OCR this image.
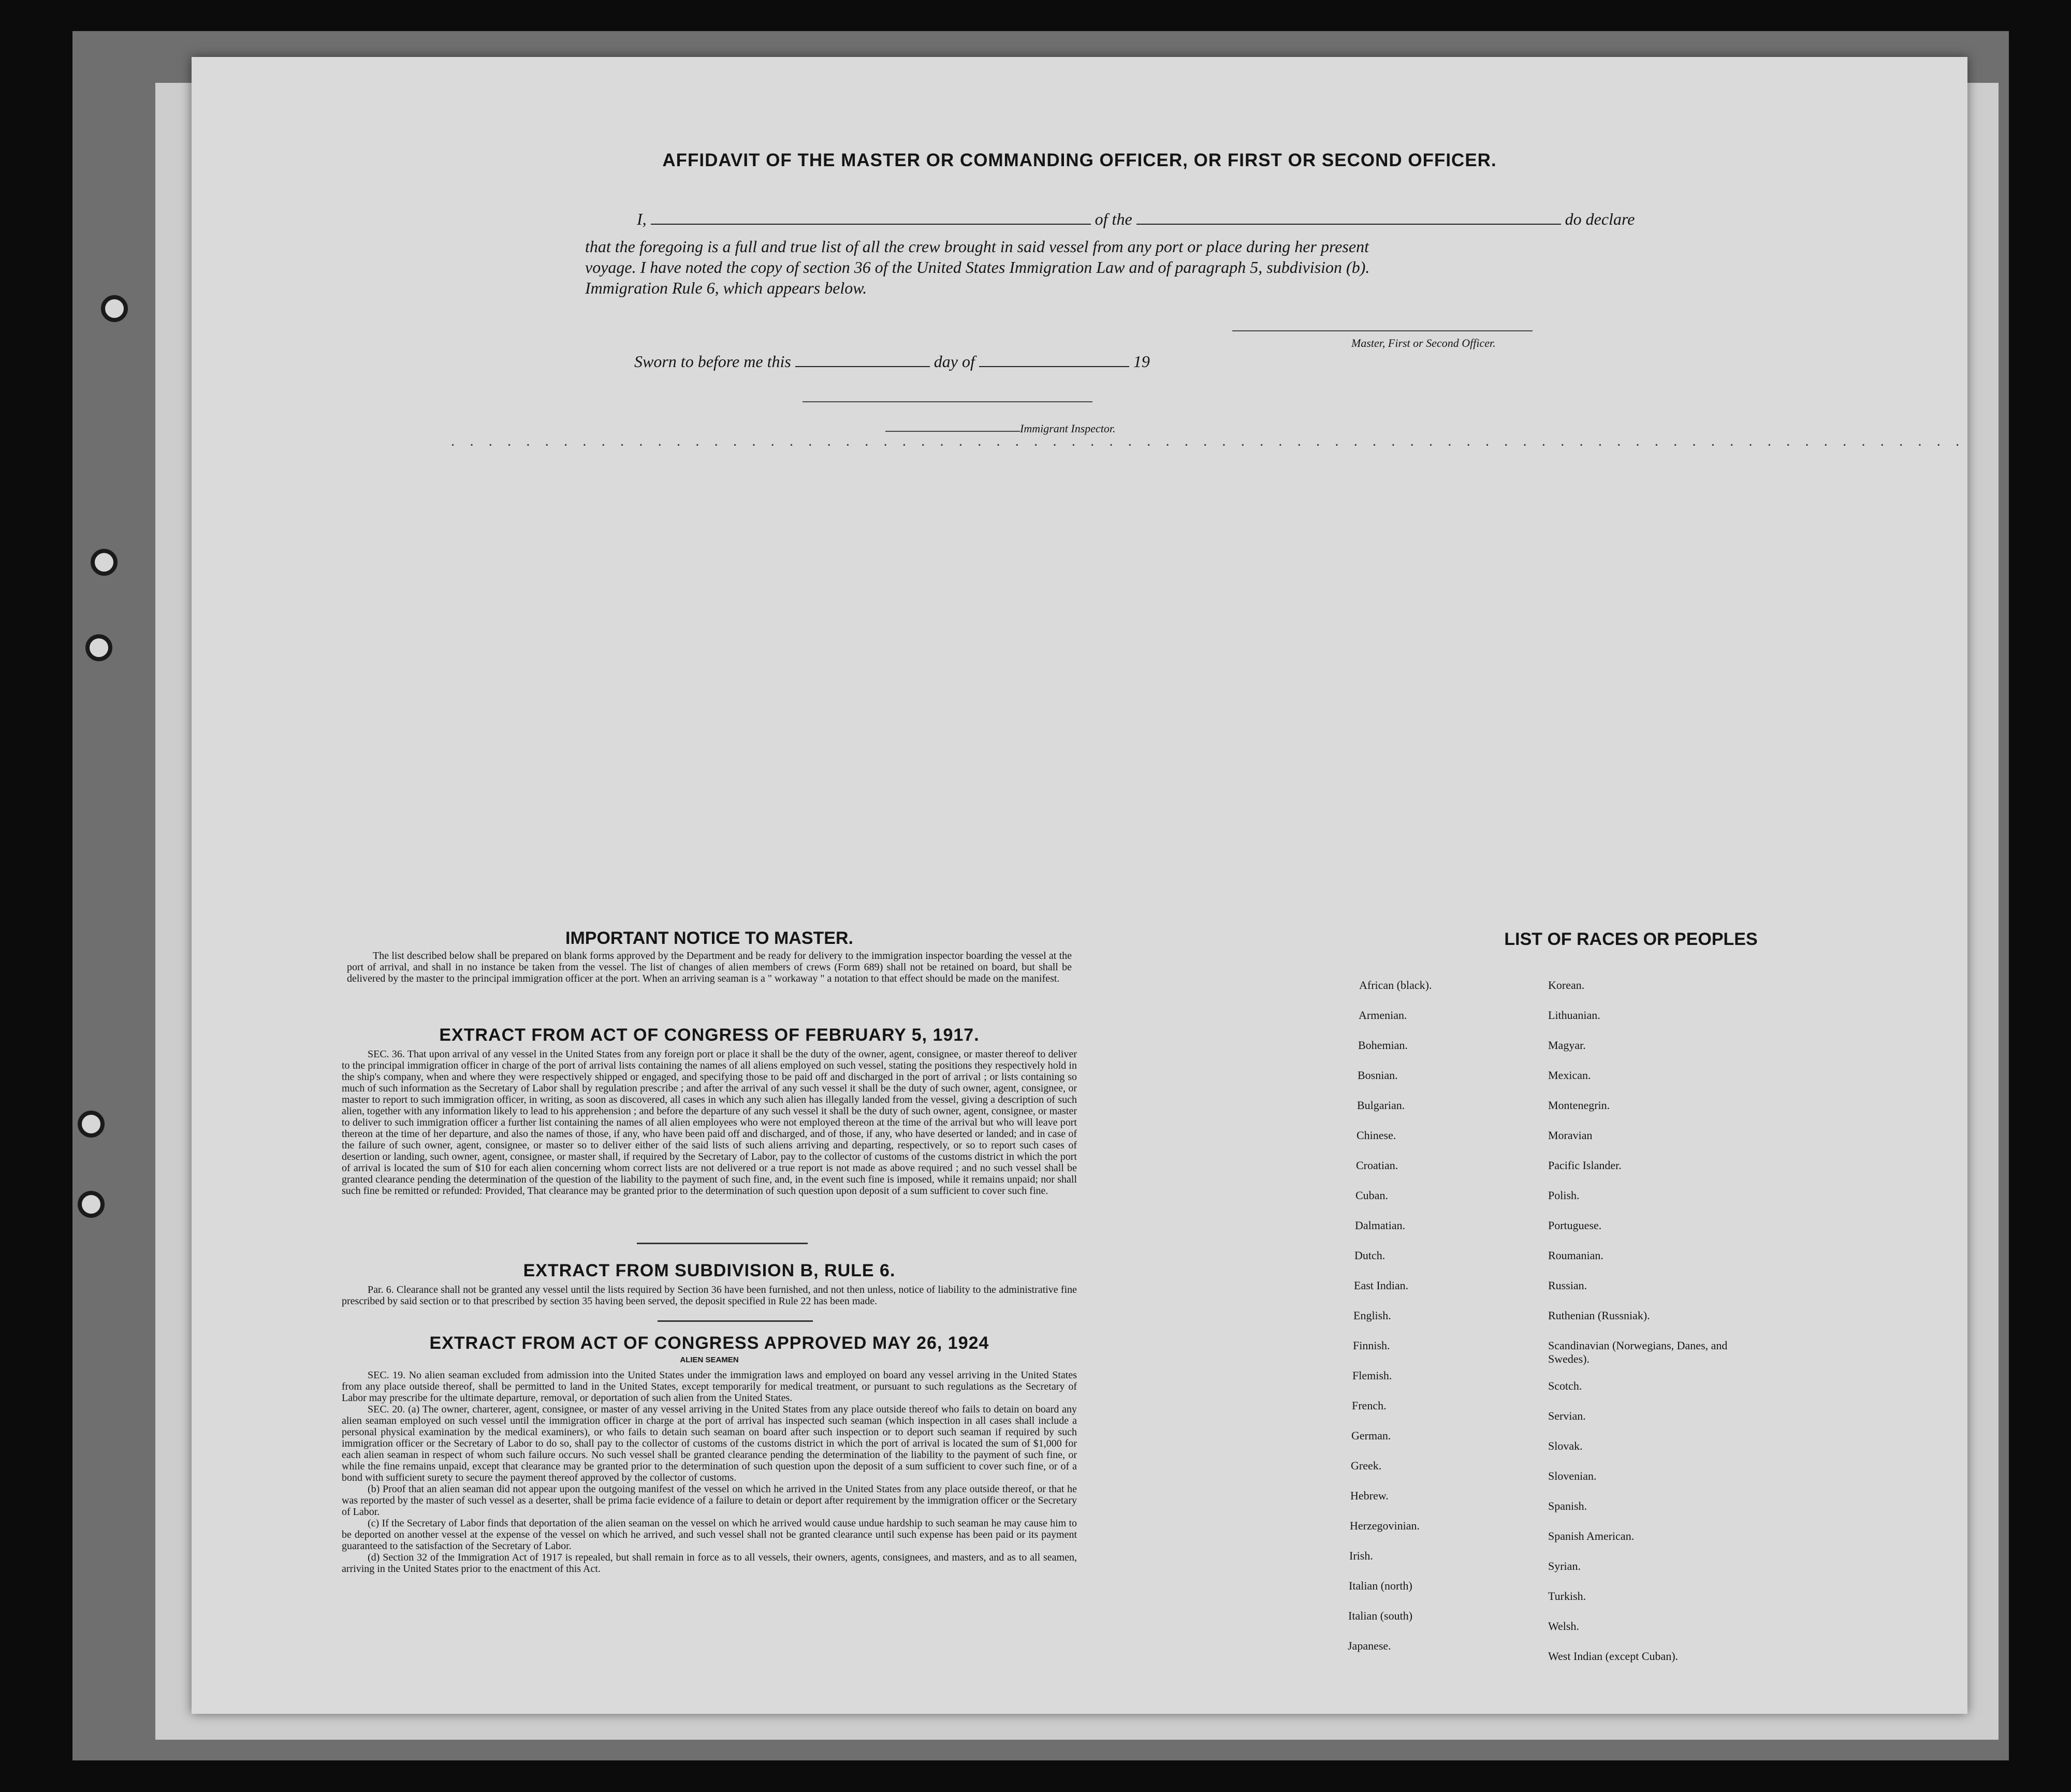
AFFIDAVIT OF THE MASTER OR COMMANDING OFFICER, OR FIRST OR SECOND OFFICER.
I,	of the	do declare
that the foregoing is a full and true list of all the crew brought in said vessel from any port or place during her present
voyage. I have noted the copy of section 36 of the United States Immigration Law and of paragraph 5, subdivision (b).
Immigration Rule 6, which appears below.
Master, First or Second Officer.
Sworn to before me this	day of	19
Immigrant Inspector.
· · · · · · · · · · · · · · · · · · · · · · · · · · · · · · · · · · · · · · · · · · · · · · · · · · · · · · · · · · · · · · · · · · · · · · · · · · · · · · · · ·
IMPORTANT NOTICE TO MASTER.

The list described below shall be prepared on blank forms approved by the Department and be ready for delivery to the immigration inspector boarding the vessel at the port of arrival, and shall in no instance be taken from the vessel. The list of changes of alien members of crews (Form 689) shall not be retained on board, but shall be delivered by the master to the principal immigration officer at the port. When an arriving seaman is a " workaway " a notation to that effect should be made on the manifest.

EXTRACT FROM ACT OF CONGRESS OF FEBRUARY 5, 1917.

SEC. 36. That upon arrival of any vessel in the United States from any foreign port or place it shall be the duty of the owner, agent, consignee, or master thereof to deliver to the principal immigration officer in charge of the port of arrival lists containing the names of all aliens employed on such vessel, stating the positions they respectively hold in the ship's company, when and where they were respectively shipped or engaged, and specifying those to be paid off and discharged in the port of arrival ; or lists containing so much of such information as the Secretary of Labor shall by regulation prescribe ; and after the arrival of any such vessel it shall be the duty of such owner, agent, consignee, or master to report to such immigration officer, in writing, as soon as discovered, all cases in which any such alien has illegally landed from the vessel, giving a description of such alien, together with any information likely to lead to his apprehension ; and before the departure of any such vessel it shall be the duty of such owner, agent, consignee, or master to deliver to such immigration officer a further list containing the names of all alien employees who were not employed thereon at the time of the arrival but who will leave port thereon at the time of her departure, and also the names of those, if any, who have been paid off and discharged, and of those, if any, who have deserted or landed; and in case of the failure of such owner, agent, consignee, or master so to deliver either of the said lists of such aliens arriving and departing, respectively, or so to report such cases of desertion or landing, such owner, agent, consignee, or master shall, if required by the Secretary of Labor, pay to the collector of customs of the customs district in which the port of arrival is located the sum of $10 for each alien concerning whom correct lists are not delivered or a true report is not made as above required ; and no such vessel shall be granted clearance pending the determination of the question of the liability to the payment of such fine, and, in the event such fine is imposed, while it remains unpaid; nor shall such fine be remitted or refunded: Provided, That clearance may be granted prior to the determination of such question upon deposit of a sum sufficient to cover such fine.

EXTRACT FROM SUBDIVISION B, RULE 6.

Par. 6. Clearance shall not be granted any vessel until the lists required by Section 36 have been furnished, and not then unless, notice of liability to the administrative fine prescribed by said section or to that prescribed by section 35 having been served, the deposit specified in Rule 22 has been made.

EXTRACT FROM ACT OF CONGRESS APPROVED MAY 26, 1924
ALIEN SEAMEN

SEC. 19. No alien seaman excluded from admission into the United States under the immigration laws and employed on board any vessel arriving in the United States from any place outside thereof, shall be permitted to land in the United States, except temporarily for medical treatment, or pursuant to such regulations as the Secretary of Labor may prescribe for the ultimate departure, removal, or deportation of such alien from the United States.

SEC. 20. (a) The owner, charterer, agent, consignee, or master of any vessel arriving in the United States from any place outside thereof who fails to detain on board any alien seaman employed on such vessel until the immigration officer in charge at the port of arrival has inspected such seaman (which inspection in all cases shall include a personal physical examination by the medical examiners), or who fails to detain such seaman on board after such inspection or to deport such seaman if required by such immigration officer or the Secretary of Labor to do so, shall pay to the collector of customs of the customs district in which the port of arrival is located the sum of $1,000 for each alien seaman in respect of whom such failure occurs. No such vessel shall be granted clearance pending the determination of the liability to the payment of such fine, or while the fine remains unpaid, except that clearance may be granted prior to the determination of such question upon the deposit of a sum sufficient to cover such fine, or of a bond with sufficient surety to secure the payment thereof approved by the collector of customs.

(b) Proof that an alien seaman did not appear upon the outgoing manifest of the vessel on which he arrived in the United States from any place outside thereof, or that he was reported by the master of such vessel as a deserter, shall be prima facie evidence of a failure to detain or deport after requirement by the immigration officer or the Secretary of Labor.

(c) If the Secretary of Labor finds that deportation of the alien seaman on the vessel on which he arrived would cause undue hardship to such seaman he may cause him to be deported on another vessel at the expense of the vessel on which he arrived, and such vessel shall not be granted clearance until such expense has been paid or its payment guaranteed to the satisfaction of the Secretary of Labor.

(d) Section 32 of the Immigration Act of 1917 is repealed, but shall remain in force as to all vessels, their owners, agents, consignees, and masters, and as to all seamen, arriving in the United States prior to the enactment of this Act.

LIST OF RACES OR PEOPLES
African (black).
Armenian.
Bohemian.
Bosnian.
Bulgarian.
Chinese.
Croatian.
Cuban.
Dalmatian.
Dutch.
East Indian.
English.
Finnish.
Flemish.
French.
German.
Greek.
Hebrew.
Herzegovinian.
Irish.
Italian (north)
Italian (south)
Japanese.
Korean.
Lithuanian.
Magyar.
Mexican.
Montenegrin.
Moravian
Pacific Islander.
Polish.
Portuguese.
Roumanian.
Russian.
Ruthenian (Russniak).
Scandinavian (Norwegians, Danes, and Swedes).
Scotch.
Servian.
Slovak.
Slovenian.
Spanish.
Spanish American.
Syrian.
Turkish.
Welsh.
West Indian (except Cuban).
